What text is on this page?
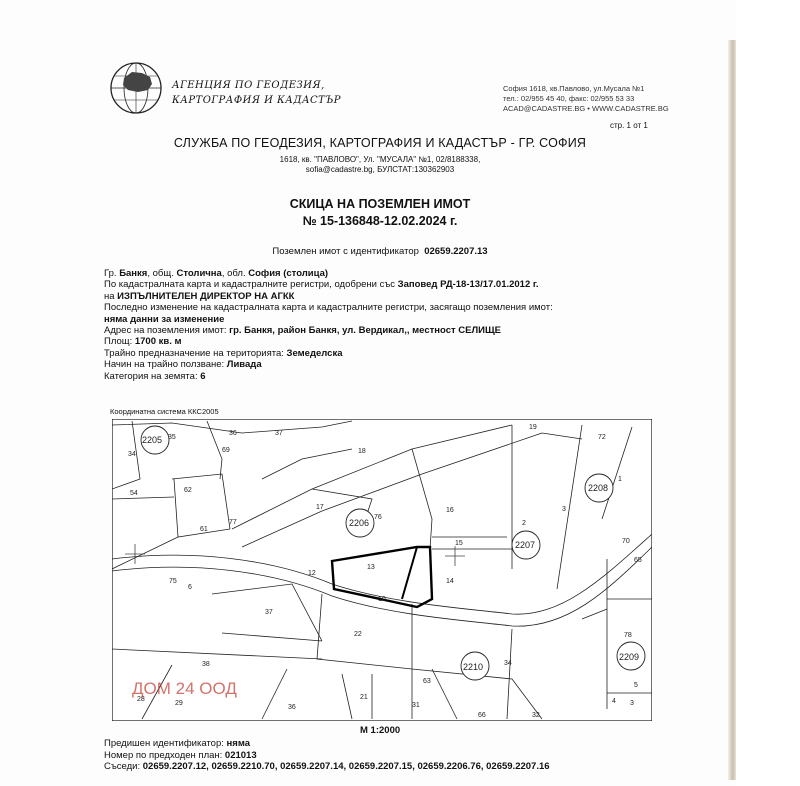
АГЕНЦИЯ ПО ГЕОДЕЗИЯ,
КАРТОГРАФИЯ И КАДАСТЪР
София 1618, кв.Павлово, ул.Мусала №1
тел.: 02/955 45 40, факс: 02/955 53 33
ACAD@CADASTRE.BG • WWW.CADASTRE.BG
стр. 1 от 1
СЛУЖБА ПО ГЕОДЕЗИЯ, КАРТОГРАФИЯ И КАДАСТЪР - ГР. СОФИЯ
1618, кв. "ПАВЛОВО", Ул. "МУСАЛА" №1, 02/8188338,
sofia@cadastre.bg, БУЛСТАТ:130362903
СКИЦА НА ПОЗЕМЛЕН ИМОТ
№ 15-136848-12.02.2024 г.
Поземлен имот с идентификатор 02659.2207.13
Гр. Банкя, общ. Столична, обл. София (столица)
По кадастралната карта и кадастралните регистри, одобрени със Заповед РД-18-13/17.01.2012 г.
на ИЗПЪЛНИТЕЛЕН ДИРЕКТОР НА АГКК
Последно изменение на кадастралната карта и кадастралните регистри, засягащо поземления имот:
няма данни за изменение
Адрес на поземления имот: гр. Банкя, район Банкя, ул. Вердикал,, местност СЕЛИЩЕ
Площ: 1700 кв. м
Трайно предназначение на територията: Земеделска
Начин на трайно ползване: Ливада
Категория на земята: 6
Координатна система ККС2005
2205 35
36	37
34	18
19
2208
1
62
54
17
2206
76
16
2
3
15	2207	70
13
12
14
65
75
6
61
77
37
22	78
2209
38	2210	34
63
28
29
36
21
31
66	32
5
4 3
10
72
69
ДОМ 24 ООД
М 1:2000
Предишен идентификатор: няма
Номер по предходен план: 021013
Съседи: 02659.2207.12, 02659.2210.70, 02659.2207.14, 02659.2207.15, 02659.2206.76, 02659.2207.16
